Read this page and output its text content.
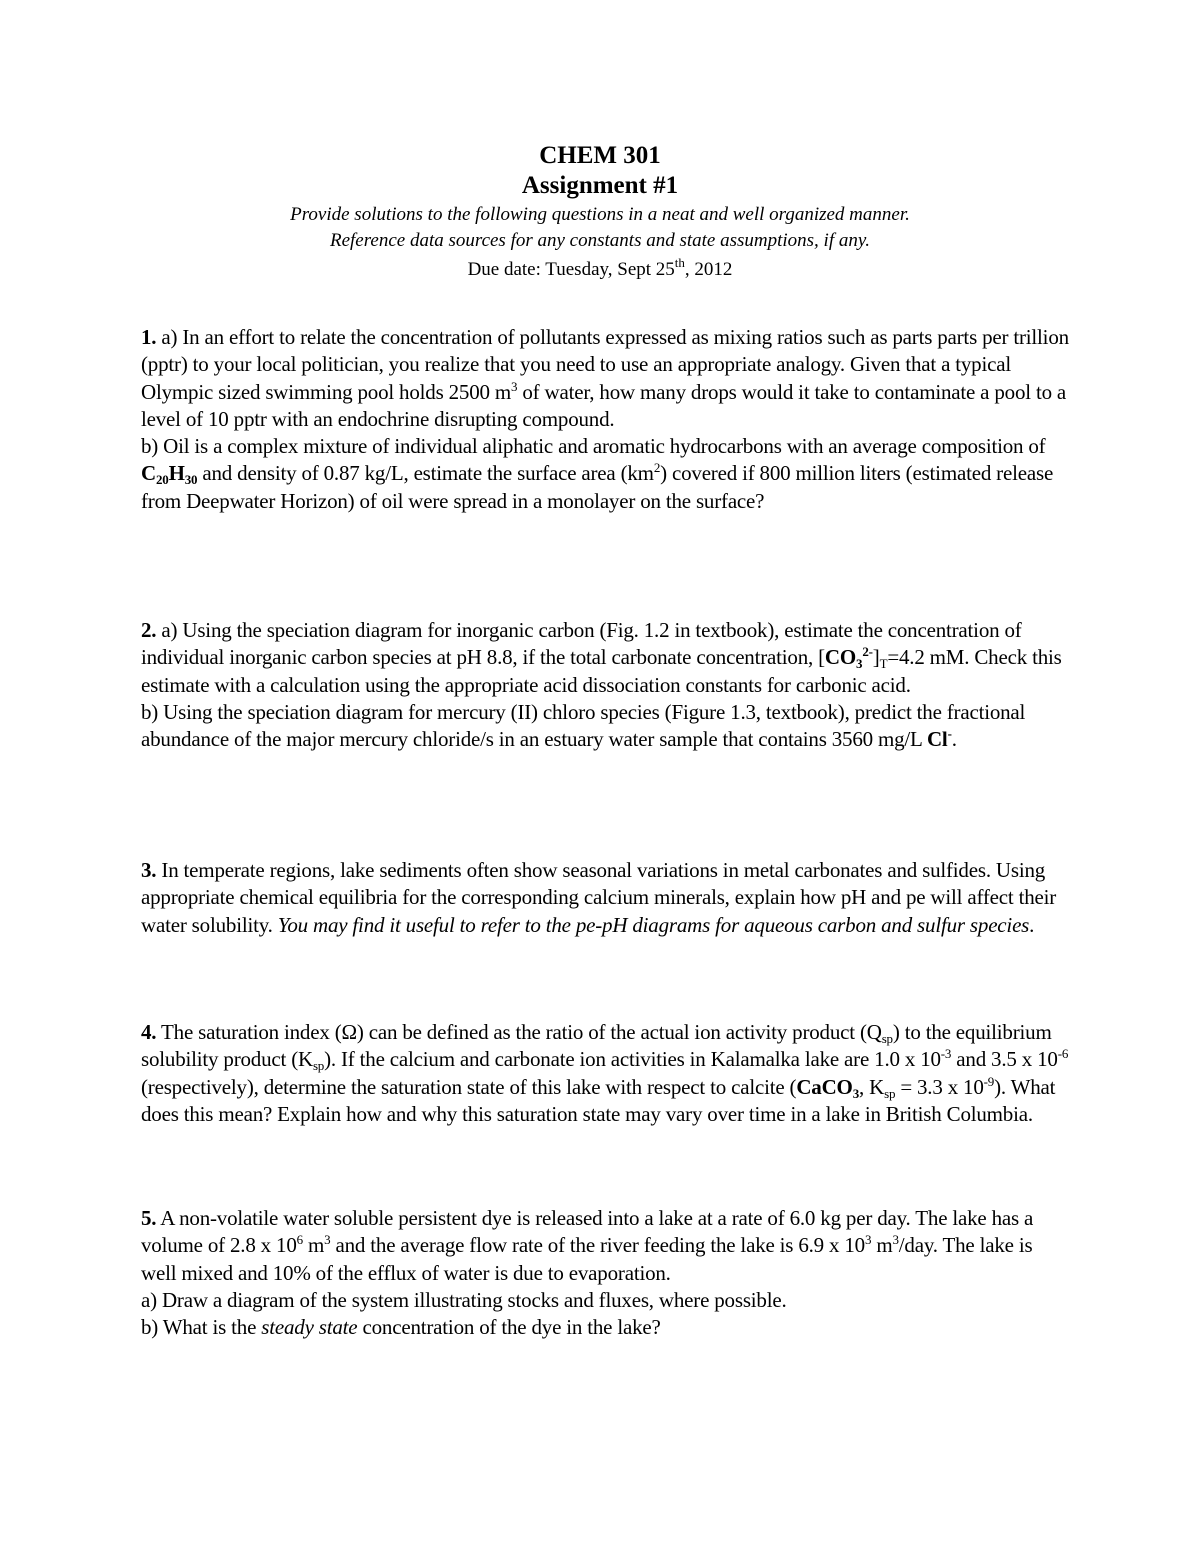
CHEM 301
Assignment #1
Provide solutions to the following questions in a neat and well organized manner.
Reference data sources for any constants and state assumptions, if any.
Due date: Tuesday, Sept 25th, 2012

1. a) In an effort to relate the concentration of pollutants expressed as mixing ratios such as parts parts per trillion (pptr) to your local politician, you realize that you need to use an appropriate analogy. Given that a typical Olympic sized swimming pool holds 2500 $m^3$ of water, how many drops would it take to contaminate a pool to a level of 10 pptr with an endochrine disrupting compound.

b) Oil is a complex mixture of individual aliphatic and aromatic hydrocarbons with an average composition of $C_{20}H_{30}$ and density of 0.87 kg/L, estimate the surface area $(km^2)$ covered if 800 million liters (estimated release from Deepwater Horizon) of oil were spread in a monolayer on the surface?

2. a) Using the speciation diagram for inorganic carbon (Fig. 1.2 in textbook), estimate the concentration of individual inorganic carbon species at pH 8.8, if the total carbonate concentration, $[CO_3^{2-}]_T=4.2$ mM. Check this estimate with a calculation using the appropriate acid dissociation constants for carbonic acid.

b) Using the speciation diagram for mercury (II) chloro species (Figure 1.3, textbook), predict the fractional abundance of the major mercury chloride/s in an estuary water sample that contains 3560 mg/L Cl-.

3. In temperate regions, lake sediments often show seasonal variations in metal carbonates and sulfides. Using appropriate chemical equilibria for the corresponding calcium minerals, explain how pH and pe will affect their water solubility. You may find it useful to refer to the pe-pH diagrams for aqueous carbon and sulfur species.

4. The saturation index (Ω) can be defined as the ratio of the actual ion activity product $(Q_{sp})$ to the equilibrium solubility product $(K_{sp})$. If the calcium and carbonate ion activities in Kalamalka lake are 1.0 x $10^{-3}$ and 3.5 x $10^{-6}$ (respectively), determine the saturation state of this lake with respect to calcite (CaCO$_3$, $K_{sp} = 3.3$ x $10^{-9}$). What does this mean? Explain how and why this saturation state may vary over time in a lake in British Columbia.

5. A non-volatile water soluble persistent dye is released into a lake at a rate of 6.0 kg per day. The lake has a volume of 2.8 x $10^6$ $m^3$ and the average flow rate of the river feeding the lake is 6.9 x $10^3$ $m^3$/day. The lake is well mixed and 10% of the efflux of water is due to evaporation.

a) Draw a diagram of the system illustrating stocks and fluxes, where possible.

b) What is the steady state concentration of the dye in the lake?
